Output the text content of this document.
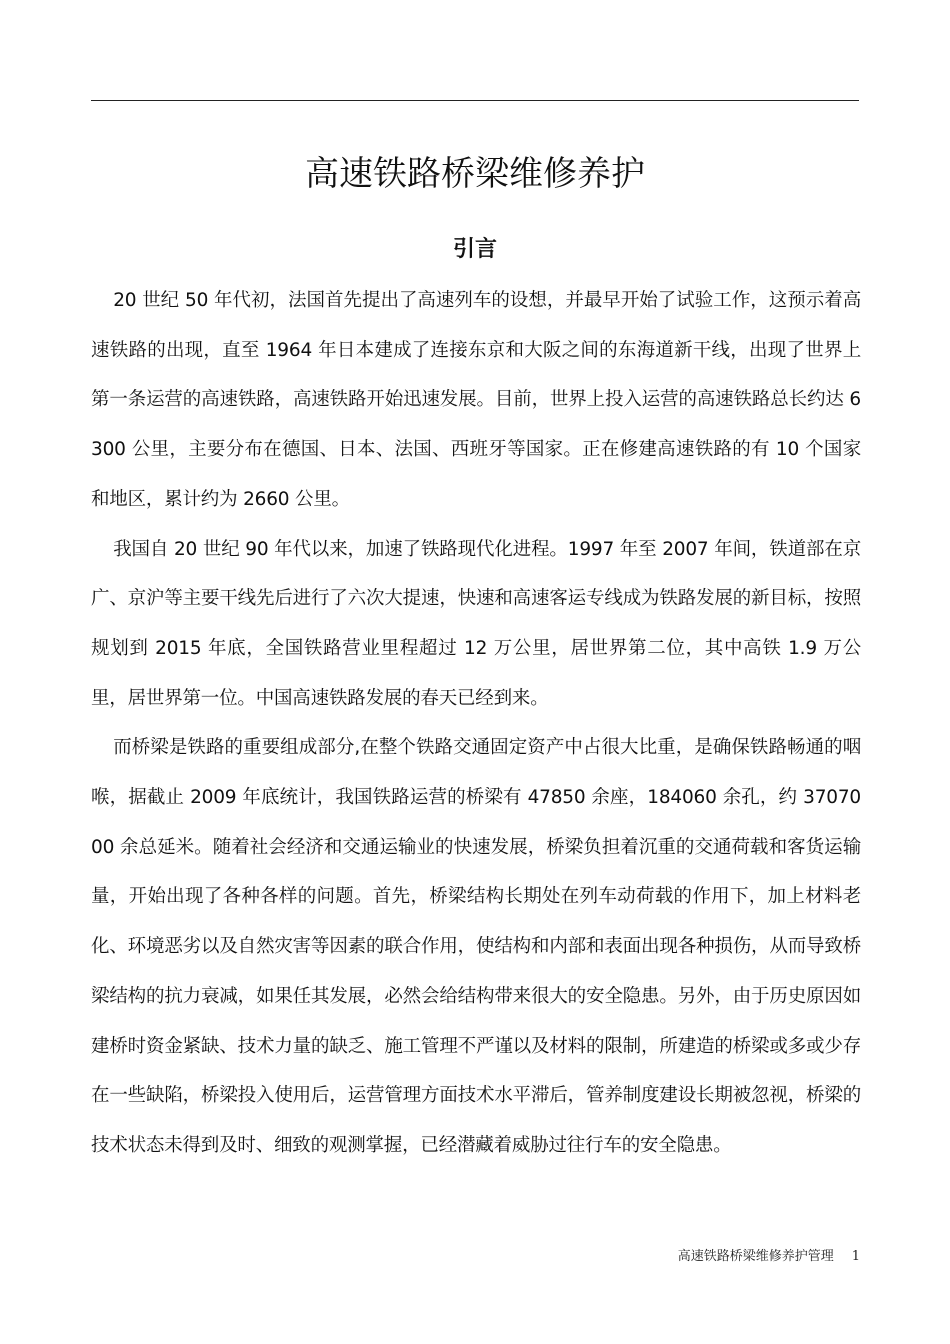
高速铁路桥梁维修养护
引言

20 世纪 50 年代初，法国首先提出了高速列车的设想，并最早开始了试验工作，这预示着高速铁路的出现，直至 1964 年日本建成了连接东京和大阪之间的东海道新干线，出现了世界上第一条运营的高速铁路，高速铁路开始迅速发展。目前，世界上投入运营的高速铁路总长约达 6300 公里，主要分布在德国、日本、法国、西班牙等国家。正在修建高速铁路的有 10 个国家和地区，累计约为 2660 公里。

我国自 20 世纪 90 年代以来，加速了铁路现代化进程。1997 年至 2007 年间，铁道部在京广、京沪等主要干线先后进行了六次大提速，快速和高速客运专线成为铁路发展的新目标，按照规划到 2015 年底，全国铁路营业里程超过 12 万公里，居世界第二位，其中高铁 1.9 万公里，居世界第一位。中国高速铁路发展的春天已经到来。

而桥梁是铁路的重要组成部分,在整个铁路交通固定资产中占很大比重，是确保铁路畅通的咽喉，据截止 2009 年底统计，我国铁路运营的桥梁有 47850 余座，184060 余孔，约 3707000 余总延米。随着社会经济和交通运输业的快速发展，桥梁负担着沉重的交通荷载和客货运输量，开始出现了各种各样的问题。首先，桥梁结构长期处在列车动荷载的作用下，加上材料老化、环境恶劣以及自然灾害等因素的联合作用，使结构和内部和表面出现各种损伤，从而导致桥梁结构的抗力衰减，如果任其发展，必然会给结构带来很大的安全隐患。另外，由于历史原因如建桥时资金紧缺、技术力量的缺乏、施工管理不严谨以及材料的限制，所建造的桥梁或多或少存在一些缺陷，桥梁投入使用后，运营管理方面技术水平滞后，管养制度建设长期被忽视，桥梁的技术状态未得到及时、细致的观测掌握，已经潜藏着威胁过往行车的安全隐患。

高速铁路桥梁维修养护管理 1
